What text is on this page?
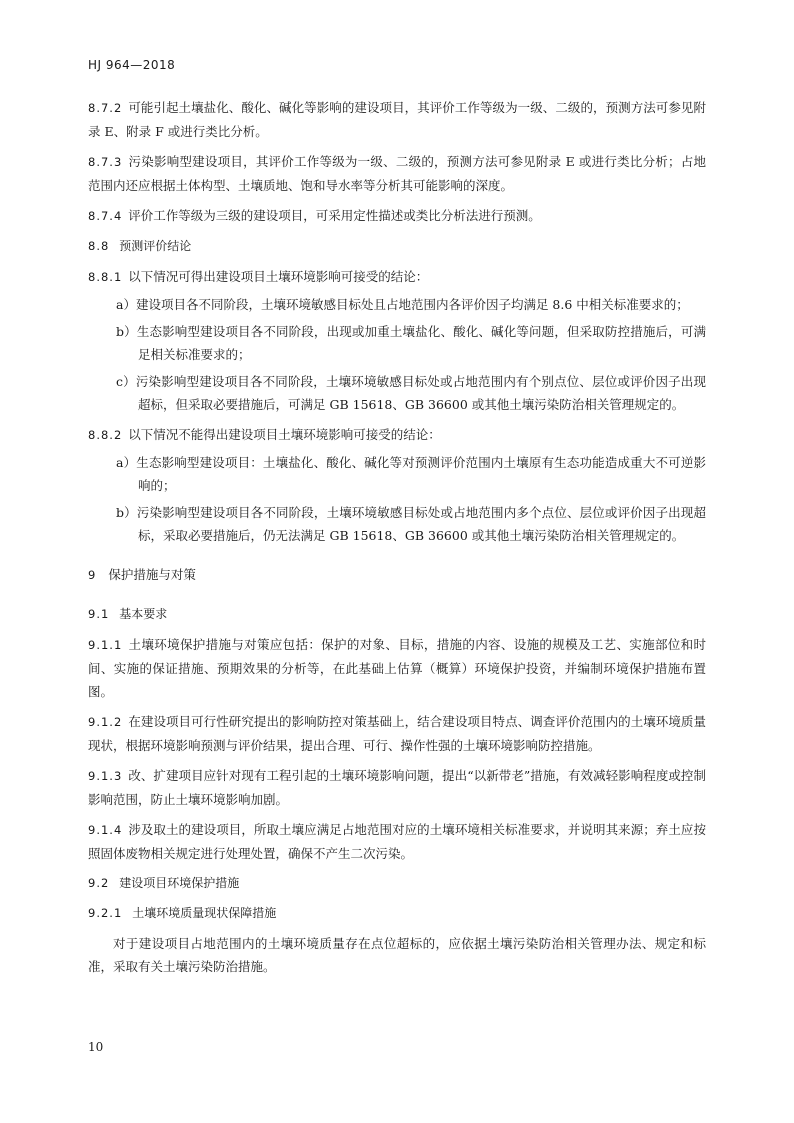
HJ 964—2018

8.7.2 可能引起土壤盐化、酸化、碱化等影响的建设项目，其评价工作等级为一级、二级的，预测方法可参见附录 E、附录 F 或进行类比分析。

8.7.3 污染影响型建设项目，其评价工作等级为一级、二级的，预测方法可参见附录 E 或进行类比分析；占地范围内还应根据土体构型、土壤质地、饱和导水率等分析其可能影响的深度。

8.7.4 评价工作等级为三级的建设项目，可采用定性描述或类比分析法进行预测。

8.8 预测评价结论

8.8.1 以下情况可得出建设项目土壤环境影响可接受的结论：

a）建设项目各不同阶段，土壤环境敏感目标处且占地范围内各评价因子均满足 8.6 中相关标准要求的；
b）生态影响型建设项目各不同阶段，出现或加重土壤盐化、酸化、碱化等问题，但采取防控措施后，可满足相关标准要求的；
c）污染影响型建设项目各不同阶段，土壤环境敏感目标处或占地范围内有个别点位、层位或评价因子出现超标，但采取必要措施后，可满足 GB 15618、GB 36600 或其他土壤污染防治相关管理规定的。

8.8.2 以下情况不能得出建设项目土壤环境影响可接受的结论：

a）生态影响型建设项目：土壤盐化、酸化、碱化等对预测评价范围内土壤原有生态功能造成重大不可逆影响的；
b）污染影响型建设项目各不同阶段，土壤环境敏感目标处或占地范围内多个点位、层位或评价因子出现超标，采取必要措施后，仍无法满足 GB 15618、GB 36600 或其他土壤污染防治相关管理规定的。
9 保护措施与对策
9.1 基本要求

9.1.1 土壤环境保护措施与对策应包括：保护的对象、目标，措施的内容、设施的规模及工艺、实施部位和时间、实施的保证措施、预期效果的分析等，在此基础上估算（概算）环境保护投资，并编制环境保护措施布置图。

9.1.2 在建设项目可行性研究提出的影响防控对策基础上，结合建设项目特点、调查评价范围内的土壤环境质量现状，根据环境影响预测与评价结果，提出合理、可行、操作性强的土壤环境影响防控措施。

9.1.3 改、扩建项目应针对现有工程引起的土壤环境影响问题，提出“以新带老”措施，有效减轻影响程度或控制影响范围，防止土壤环境影响加剧。

9.1.4 涉及取土的建设项目，所取土壤应满足占地范围对应的土壤环境相关标准要求，并说明其来源；弃土应按照固体废物相关规定进行处理处置，确保不产生二次污染。

9.2 建设项目环境保护措施
9.2.1 土壤环境质量现状保障措施

对于建设项目占地范围内的土壤环境质量存在点位超标的，应依据土壤污染防治相关管理办法、规定和标准，采取有关土壤污染防治措施。

10
